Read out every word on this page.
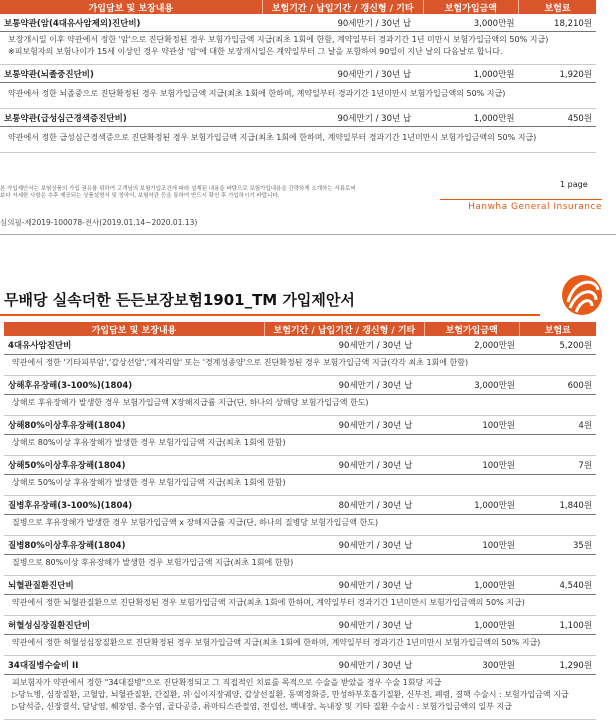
가입담보 및 보장내용	보험기간 / 납입기간 / 갱신형 / 기타	보험가입금액	보험료
보통약관(암(4대유사암제외)진단비)	90세만기 / 30년 납	3,000만원	18,210원
보장개시일 이후 약관에서 정한 '암'으로 진단확정된 경우 보험가입금액 지급(최초 1회에 한함, 계약일부터 경과기간 1년 미만시 보험가입금액의 50% 지급)
※피보험자의 보험나이가 15세 이상인 경우 약관상 '암'에 대한 보장개시일은 계약일부터 그 날을 포함하여 90일이 지난 날의 다음날로 합니다.			
보통약관(뇌졸중진단비)	90세만기 / 30년 납	1,000만원	1,920원
약관에서 정한 뇌졸중으로 진단확정된 경우 보험가입금액 지급(최초 1회에 한하며, 계약일부터 경과기간 1년미만시 보험가입금액의 50% 지급)			
보통약관(급성심근경색증진단비)	90세만기 / 30년 납	1,000만원	450원
약관에서 정한 급성심근경색증으로 진단확정된 경우 보험가입금액 지급(최초 1회에 한하며, 계약일부터 경과기간 1년미만시 보험가입금액의 50% 지급)			
본 가입제안서는 보험상품의 가입 권유를 위하여 고객님의 보험가입조건에 따라 설계된 내용을 바탕으로 보험가입내용을 간략하게 소개하는 서류로써
보다 자세한 사항은 추후 제공되는 상품설명서 및 청약서, 보험약관 등을 통하여 반드시 확인 후 가입하시기 바랍니다.
1 page
Hanwha General Insurance
심의필-제2019-100078-전사(2019.01.14~2020.01.13)
무배당 실속더한 든든보장보험1901_TM 가입제안서
가입담보 및 보장내용	보험기간 / 납입기간 / 갱신형 / 기타	보험가입금액	보험료
4대유사암진단비	90세만기 / 30년 납	2,000만원	5,200원
약관에서 정한 '기타피부암','갑상선암','제자리암' 또는 '경계성종양'으로 진단확정된 경우 보험가입금액 지급(각각 최초 1회에 한함)			
상해후유장해(3-100%)(1804)	90세만기 / 30년 납	3,000만원	600원
상해로 후유장해가 발생한 경우 보험가입금액 X장해지급률 지급(단, 하나의 상해당 보험가입금액 한도)			
상해80%이상후유장해(1804)	90세만기 / 30년 납	100만원	4원
상해로 80%이상 후유장해가 발생한 경우 보험가입금액 지급(최초 1회에 한함)			
상해50%이상후유장해(1804)	90세만기 / 30년 납	100만원	7원
상해로 50%이상 후유장해가 발생한 경우 보험가입금액 지급(최초 1회에 한함)			
질병후유장해(3-100%)(1804)	80세만기 / 30년 납	1,000만원	1,840원
질병으로 후유장해가 발생한 경우 보험가입금액 x 장해지급률 지급(단, 하나의 질병당 보험가입금액 한도)			
질병80%이상후유장해(1804)	90세만기 / 30년 납	100만원	35원
질병으로 80%이상 후유장해가 발생한 경우 보험가입금액 지급(최초 1회에 한함)			
뇌혈관질환진단비	90세만기 / 30년 납	1,000만원	4,540원
약관에서 정한 뇌혈관질환으로 진단확정된 경우 보험가입금액 지급(최초 1회에 한하며, 계약일부터 경과기간 1년미만시 보험가입금액의 50% 지급)			
허혈성심장질환진단비	90세만기 / 30년 납	1,000만원	1,100원
약관에서 정한 허혈성심장질환으로 진단확정된 경우 보험가입금액 지급(최초 1회에 한하며, 계약일부터 경과기간 1년미만시 보험가입금액의 50% 지급)			
34대질병수술비 II	90세만기 / 30년 납	300만원	1,290원
피보험자가 약관에서 정한 "34대질병"으로 진단확정되고 그 직접적인 치료를 목적으로 수술을 받았을 경우 수술 1회당 지급
▷당뇨병, 심장질환, 고혈압, 뇌혈관질환, 간질환, 위·십이지장궤양, 갑상선질환, 동맥경화증, 만성하부호흡기질환, 신부전, 폐렴, 결핵 수술시 : 보험가입금액 지급
▷담석증, 신장결석, 담낭염, 췌장염, 충수염, 골다공증, 류마티스관절염, 전립선, 백내장, 녹내장 및 기타 질환 수술시 : 보험가입금액의 일부 지급			
